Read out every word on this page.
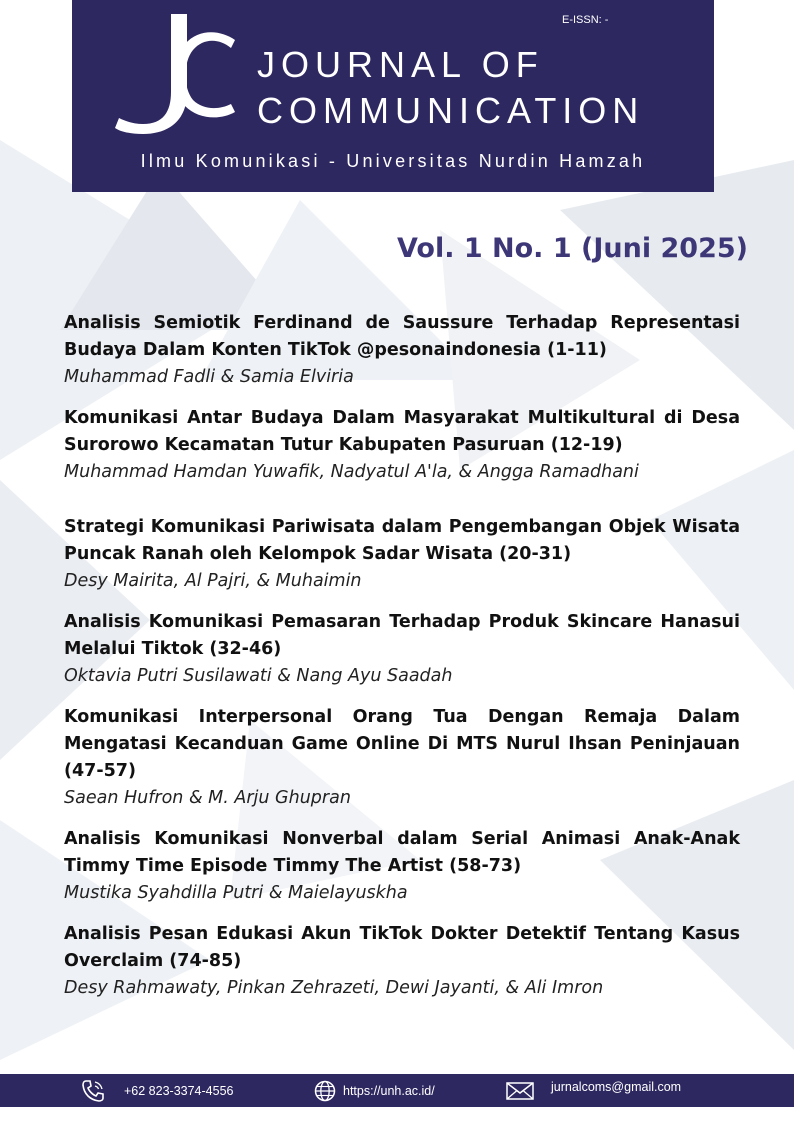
E-ISSN: -
JOURNAL OF
COMMUNICATION
Ilmu Komunikasi - Universitas Nurdin Hamzah
Vol. 1 No. 1 (Juni 2025)
Analisis Semiotik Ferdinand de Saussure Terhadap Representasi Budaya Dalam Konten TikTok @pesonaindonesia (1-11)
Muhammad Fadli & Samia Elviria
Komunikasi Antar Budaya Dalam Masyarakat Multikultural di Desa Surorowo Kecamatan Tutur Kabupaten Pasuruan (12-19)
Muhammad Hamdan Yuwafik, Nadyatul A'la, & Angga Ramadhani
Strategi Komunikasi Pariwisata dalam Pengembangan Objek Wisata Puncak Ranah oleh Kelompok Sadar Wisata (20-31)
Desy Mairita, Al Pajri, & Muhaimin
Analisis Komunikasi Pemasaran Terhadap Produk Skincare Hanasui Melalui Tiktok (32-46)
Oktavia Putri Susilawati & Nang Ayu Saadah
Komunikasi Interpersonal Orang Tua Dengan Remaja Dalam Mengatasi Kecanduan Game Online Di MTS Nurul Ihsan Peninjauan (47-57)
Saean Hufron & M. Arju Ghupran
Analisis Komunikasi Nonverbal dalam Serial Animasi Anak-Anak Timmy Time Episode Timmy The Artist (58-73)
Mustika Syahdilla Putri & Maielayuskha
Analisis Pesan Edukasi Akun TikTok Dokter Detektif Tentang Kasus Overclaim (74-85)
Desy Rahmawaty, Pinkan Zehrazeti, Dewi Jayanti, & Ali Imron
+62 823-3374-4556	https://unh.ac.id/	jurnalcoms@gmail.com
